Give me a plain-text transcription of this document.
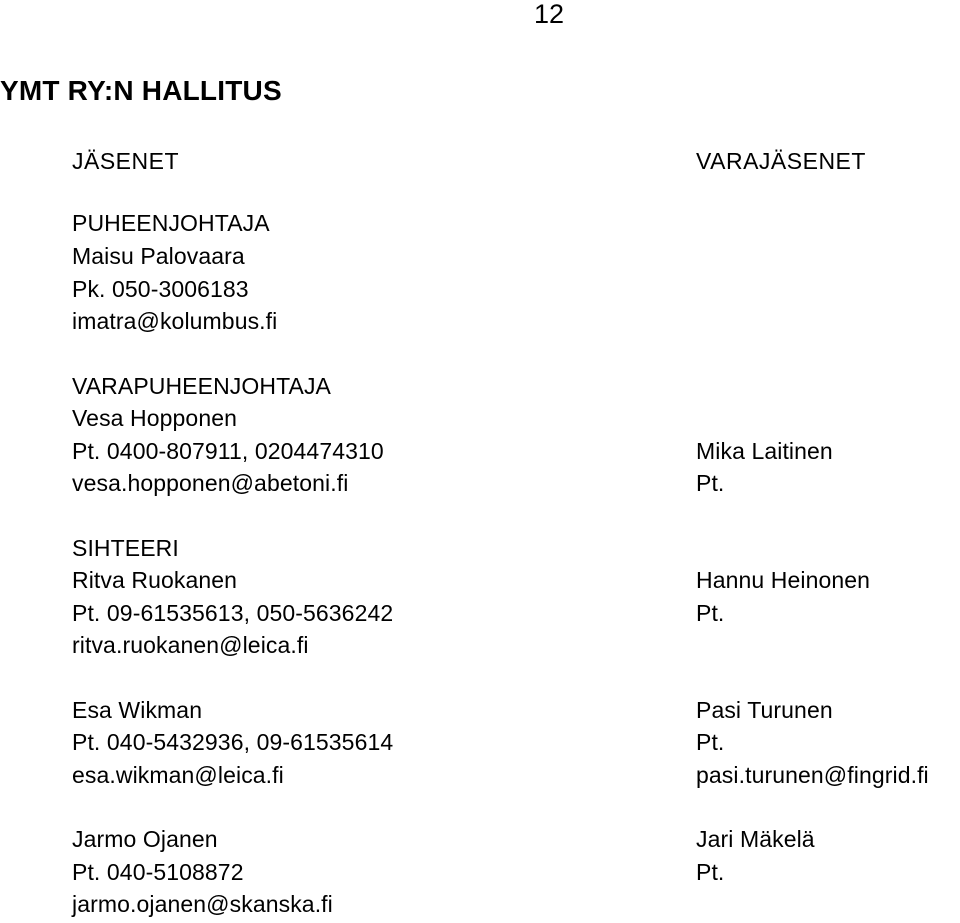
12
YMT RY:N HALLITUS
JÄSENET	VARAJÄSENET
PUHEENJOHTAJA
Maisu Palovaara
Pk. 050-3006183
imatra@kolumbus.fi
VARAPUHEENJOHTAJA
Vesa Hopponen
Pt. 0400-807911, 0204474310
vesa.hopponen@abetoni.fi
SIHTEERI
Ritva Ruokanen
Pt. 09-61535613, 050-5636242
ritva.ruokanen@leica.fi
Esa Wikman
Pt. 040-5432936, 09-61535614
esa.wikman@leica.fi
Jarmo Ojanen
Pt. 040-5108872
jarmo.ojanen@skanska.fi
Mika Laitinen
Pt.
Hannu Heinonen
Pt.
Pasi Turunen
Pt.
pasi.turunen@fingrid.fi
Jari Mäkelä
Pt.
